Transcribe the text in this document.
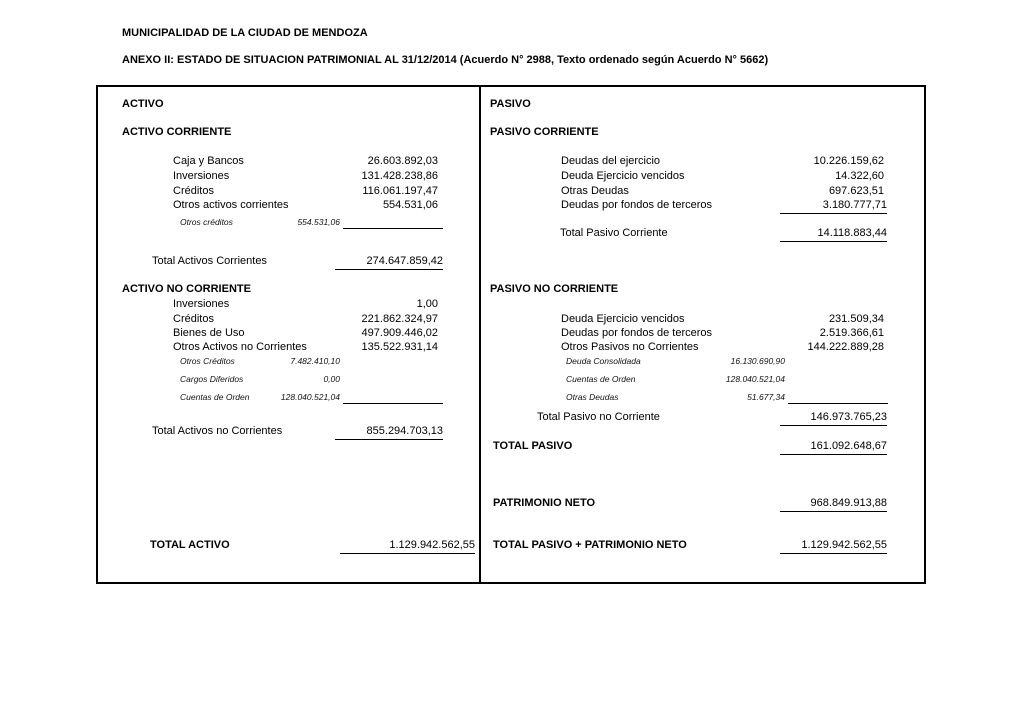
MUNICIPALIDAD DE LA CIUDAD DE MENDOZA
ANEXO II: ESTADO DE SITUACION PATRIMONIAL AL 31/12/2014 (Acuerdo N° 2988, Texto ordenado según Acuerdo N° 5662)
ACTIVO
ACTIVO CORRIENTE
Caja y Bancos	26.603.892,03
Inversiones	131.428.238,86
Créditos	116.061.197,47
Otros activos corrientes	554.531,06
Otros créditos	554.531,06
Total Activos Corrientes	274.647.859,42
ACTIVO NO CORRIENTE
Inversiones	1,00
Créditos	221.862.324,97
Bienes de Uso	497.909.446,02
Otros Activos no Corrientes	135.522.931,14
Otros Créditos	7.482.410,10
Cargos Diferidos	0,00
Cuentas de Orden	128.040.521,04
Total Activos no Corrientes	855.294.703,13
TOTAL ACTIVO	1.129.942.562,55
PASIVO
PASIVO CORRIENTE
Deudas del ejercicio	10.226.159,62
Deuda Ejercicio vencidos	14.322,60
Otras Deudas	697.623,51
Deudas por fondos de terceros	3.180.777,71
Total Pasivo Corriente	14.118.883,44
PASIVO NO CORRIENTE
Deuda Ejercicio vencidos	231.509,34
Deudas por fondos de terceros	2.519.366,61
Otros Pasivos no Corrientes	144.222.889,28
Deuda Consolidada	16.130.690,90
Cuentas de Orden	128.040.521,04
Otras Deudas	51.677,34
Total Pasivo no Corriente	146.973.765,23
TOTAL PASIVO	161.092.648,67
PATRIMONIO NETO	968.849.913,88
TOTAL PASIVO + PATRIMONIO NETO	1.129.942.562,55
